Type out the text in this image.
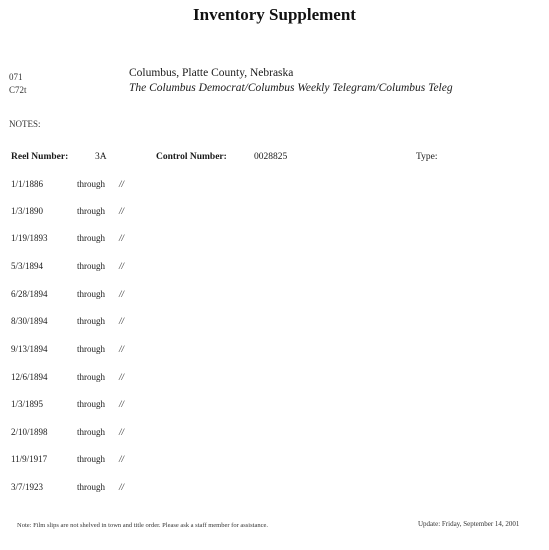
Inventory Supplement
071
C72t
Columbus, Platte County, Nebraska
The Columbus Democrat/Columbus Weekly Telegram/Columbus Teleg
NOTES:
Reel Number:	3A	Control Number:	0028825	Type:
1/1/1886	through //
1/3/1890	through //
1/19/1893	through //
5/3/1894	through //
6/28/1894	through //
8/30/1894	through //
9/13/1894	through //
12/6/1894	through //
1/3/1895	through //
2/10/1898	through //
11/9/1917	through //
3/7/1923	through //
Note: Film slips are not shelved in town and title order. Please ask a staff member for assistance.	Update: Friday, September 14, 2001
